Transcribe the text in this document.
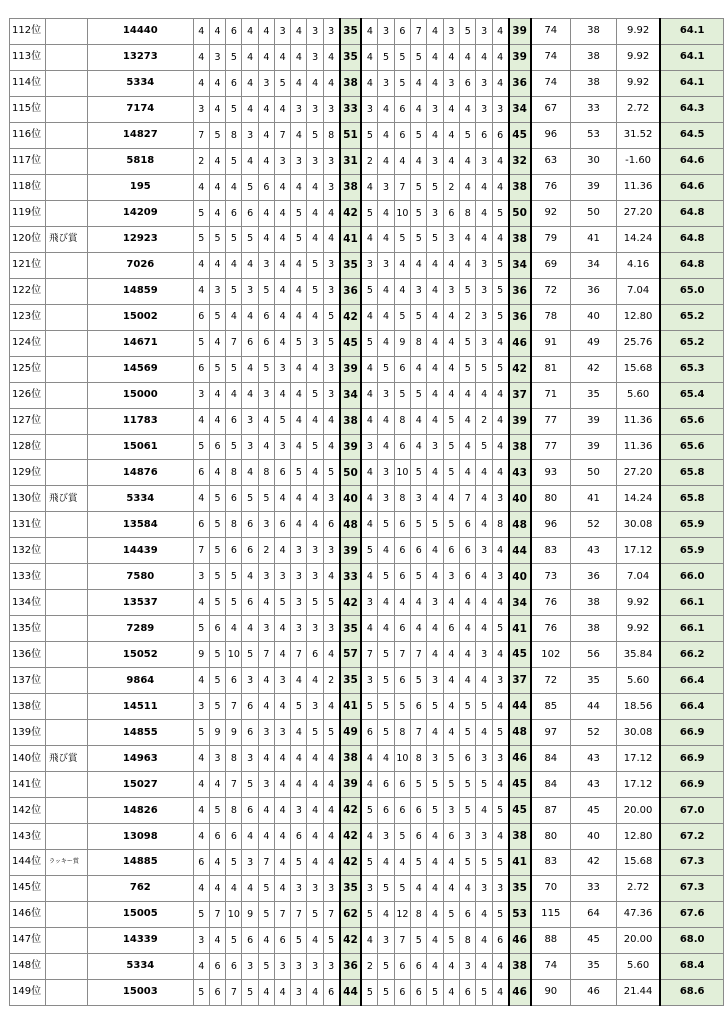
112位		14440	4	4	6	4	4	3	4	3	3	35	4	3	6	7	4	3	5	3	4	39	74	38	9.92	64.1
113位		13273	4	3	5	4	4	4	4	3	4	35	4	5	5	5	4	4	4	4	4	39	74	38	9.92	64.1
114位		5334	4	4	6	4	3	5	4	4	4	38	4	3	5	4	4	3	6	3	4	36	74	38	9.92	64.1
115位		7174	3	4	5	4	4	4	3	3	3	33	3	4	6	4	3	4	4	3	3	34	67	33	2.72	64.3
116位		14827	7	5	8	3	4	7	4	5	8	51	5	4	6	5	4	4	5	6	6	45	96	53	31.52	64.5
117位		5818	2	4	5	4	4	3	3	3	3	31	2	4	4	4	3	4	4	3	4	32	63	30	-1.60	64.6
118位		195	4	4	4	5	6	4	4	4	3	38	4	3	7	5	5	2	4	4	4	38	76	39	11.36	64.6
119位		14209	5	4	6	6	4	4	5	4	4	42	5	4	10	5	3	6	8	4	5	50	92	50	27.20	64.8
120位	飛び賞	12923	5	5	5	5	4	4	5	4	4	41	4	4	5	5	5	3	4	4	4	38	79	41	14.24	64.8
121位		7026	4	4	4	4	3	4	4	5	3	35	3	3	4	4	4	4	4	3	5	34	69	34	4.16	64.8
122位		14859	4	3	5	3	5	4	4	5	3	36	5	4	4	3	4	3	5	3	5	36	72	36	7.04	65.0
123位		15002	6	5	4	4	6	4	4	4	5	42	4	4	5	5	4	4	2	3	5	36	78	40	12.80	65.2
124位		14671	5	4	7	6	6	4	5	3	5	45	5	4	9	8	4	4	5	3	4	46	91	49	25.76	65.2
125位		14569	6	5	5	4	5	3	4	4	3	39	4	5	6	4	4	4	5	5	5	42	81	42	15.68	65.3
126位		15000	3	4	4	4	3	4	4	5	3	34	4	3	5	5	4	4	4	4	4	37	71	35	5.60	65.4
127位		11783	4	4	6	3	4	5	4	4	4	38	4	4	8	4	4	5	4	2	4	39	77	39	11.36	65.6
128位		15061	5	6	5	3	4	3	4	5	4	39	3	4	6	4	3	5	4	5	4	38	77	39	11.36	65.6
129位		14876	6	4	8	4	8	6	5	4	5	50	4	3	10	5	4	5	4	4	4	43	93	50	27.20	65.8
130位	飛び賞	5334	4	5	6	5	5	4	4	4	3	40	4	3	8	3	4	4	7	4	3	40	80	41	14.24	65.8
131位		13584	6	5	8	6	3	6	4	4	6	48	4	5	6	5	5	5	6	4	8	48	96	52	30.08	65.9
132位		14439	7	5	6	6	2	4	3	3	3	39	5	4	6	6	4	6	6	3	4	44	83	43	17.12	65.9
133位		7580	3	5	5	4	3	3	3	3	4	33	4	5	6	5	4	3	6	4	3	40	73	36	7.04	66.0
134位		13537	4	5	5	6	4	5	3	5	5	42	3	4	4	4	3	4	4	4	4	34	76	38	9.92	66.1
135位		7289	5	6	4	4	3	4	3	3	3	35	4	4	6	4	4	6	4	4	5	41	76	38	9.92	66.1
136位		15052	9	5	10	5	7	4	7	6	4	57	7	5	7	7	4	4	4	3	4	45	102	56	35.84	66.2
137位		9864	4	5	6	3	4	3	4	4	2	35	3	5	6	5	3	4	4	4	3	37	72	35	5.60	66.4
138位		14511	3	5	7	6	4	4	5	3	4	41	5	5	5	6	5	4	5	5	4	44	85	44	18.56	66.4
139位		14855	5	9	9	6	3	3	4	5	5	49	6	5	8	7	4	4	5	4	5	48	97	52	30.08	66.9
140位	飛び賞	14963	4	3	8	3	4	4	4	4	4	38	4	4	10	8	3	5	6	3	3	46	84	43	17.12	66.9
141位		15027	4	4	7	5	3	4	4	4	4	39	4	6	6	5	5	5	5	5	4	45	84	43	17.12	66.9
142位		14826	4	5	8	6	4	4	3	4	4	42	5	6	6	6	5	3	5	4	5	45	87	45	20.00	67.0
143位		13098	4	6	6	4	4	4	6	4	4	42	4	3	5	6	4	6	3	3	4	38	80	40	12.80	67.2
144位	ラッキー賞	14885	6	4	5	3	7	4	5	4	4	42	5	4	4	5	4	4	5	5	5	41	83	42	15.68	67.3
145位		762	4	4	4	4	5	4	3	3	3	35	3	5	5	4	4	4	4	3	3	35	70	33	2.72	67.3
146位		15005	5	7	10	9	5	7	7	5	7	62	5	4	12	8	4	5	6	4	5	53	115	64	47.36	67.6
147位		14339	3	4	5	6	4	6	5	4	5	42	4	3	7	5	4	5	8	4	6	46	88	45	20.00	68.0
148位		5334	4	6	6	3	5	3	3	3	3	36	2	5	6	6	4	4	3	4	4	38	74	35	5.60	68.4
149位		15003	5	6	7	5	4	4	3	4	6	44	5	5	6	6	5	4	6	5	4	46	90	46	21.44	68.6
